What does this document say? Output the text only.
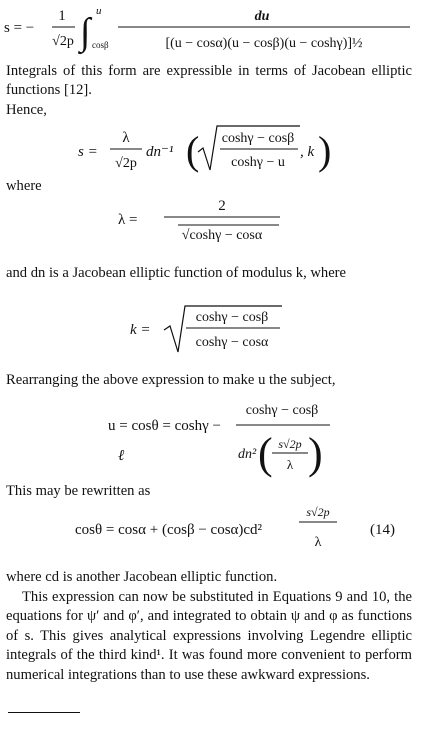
s = −
1
√2p ∫ u
cosβ
du
[(u − cosα)(u − cosβ)(u − coshγ)]½
Integrals of this form are expressible in terms of Jacobean elliptic functions [12].
Hence,
s =
λ
√2p
dn⁻¹ ( coshγ − cosβ
coshγ − u
, k )
where
λ =
2
√coshγ − cosα
and dn is a Jacobean elliptic function of modulus k, where
k =
coshγ − cosβ
coshγ − cosα
Rearranging the above expression to make u the subject,
u = cosθ = coshγ −
coshγ − cosβ
dn² ( s√2p
λ )
ℓ
This may be rewritten as
cosθ = cosα + (cosβ − cosα)cd²
s√2p
λ
(14)
where cd is another Jacobean elliptic function.
This expression can now be substituted in Equations 9 and 10, the equations for ψ′ and φ′, and integrated to obtain ψ and φ as functions of s. This gives analytical expressions involving Legendre elliptic integrals of the third kind¹. It was found more convenient to perform numerical integrations than to use these awkward expressions.
